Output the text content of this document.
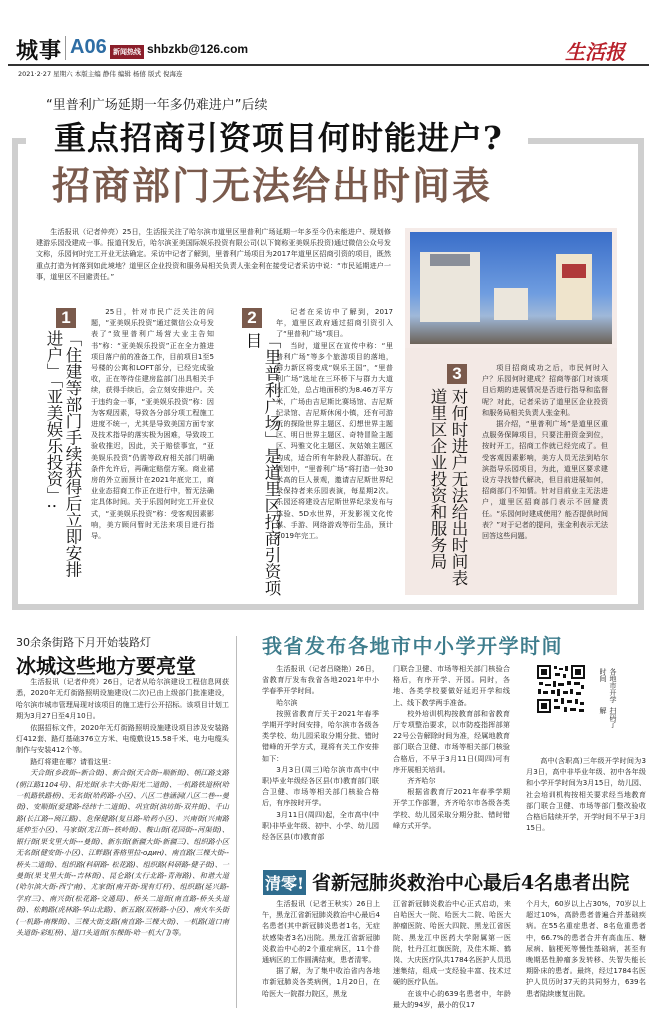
城事 A06 新闻热线 shbzkb@126.com	生活报
2021·2·27 星期六 本版主编 静伟 编辑 杨僖 版式 倪海连
“里普利广场延期一年多仍难进户”后续
重点招商引资项目何时能进户?
招商部门无法给出时间表

生活报讯（记者仲亮）25日，生活报关注了哈尔滨市道里区里普利广场延期一年多至今仍未能进户、规划修建游乐园没建成一事。报道刊发后，哈尔滨亚美国际娱乐投资有限公司(以下简称亚美娱乐投资)通过微信公众号发文称，乐园何时完工开业无法确定。采访中记者了解到，里普利广场项目为2017年道里区招商引资的项目，既然重点打造为何落到如此境地？道里区企业投资和服务局相关负责人张金利在接受记者采访中说：“市民延期进户一事，道里区不回避责任。”

1
「住建等部门手续获得后立即安排进户」「亚美娱乐投资」:

25日，针对市民广泛关注的问题，“亚美娱乐投资”通过微信公众号发表了“致里普利广场营大业主告知书”称：“亚美娱乐投资”正在全力推进项目落户前的准备工作，目前项目1至5号楼的公寓和LOFT部分，已经完成验收，正在等待住建房监部门出具相关手续，获得手续后，会立刻安排进户。关于违约金一事，“亚美娱乐投资”称：因为客观因素，导致各分部分项工程施工进度不统一，尤其是导致美国方面专家及技术指导的落实极为困难，导致竣工验收推迟，因此，关于赔偿事宜，“亚美娱乐投资”仍需等政府相关部门明确条件允许后，再确定赔偿方案。商业裙房的外立面预计在2021年底完工，商业业态招商工作正在进行中，暂无法确定具体时间。关于乐园何时完工开业仪式，“亚美娱乐投资”称：受客观因素影响，美方顾问暂时无法来项目进行指导。

2
「里普利广场」是道里区招商引资项目

记者在采访中了解到，2017年，道里区政府通过招商引资引入了“里普利广场”项目。

当时，道里区在宣传中称：“里普利广场”等多个旅游项目的落地，群力新区将变成“娱乐王国”，“里普利广场”选址在三环桥下与群力大道交汇处，总占地面积约为8.46万平方米，广场由吉尼斯比赛场馆、吉尼斯纪录馆、吉尼斯休闲小镇，还有可游玩的探险世界主题区、幻想世界主题区、明日世界主题区、奇特冒险主题区、玛雅文化主题区、灰姑娘主题区构成，适合所有年龄段人群游玩。在规划中，“里普利广场”将打造一处30米高的巨人景观，邀请吉尼斯世界纪录保持者来乐园表演，每星期2次。乐园还将建设吉尼斯世界纪录发布与体验、5D水世界，开发影视文化传媒、手游、网络游戏等衍生品，预计2019年完工。

3
对何时进户无法给出时间表
道里区企业投资和服务局

项目招商成功之后，市民何时入户？乐园何时建成？招商等部门对该项目后期的进展情况是否进行指导和监督呢？对此，记者采访了道里区企业投资和服务局相关负责人张金利。

据介绍，“里普利广场”是道里区重点服务保障项目，只要注册资金到位，按时开工，招商工作就已经完成了。但受客观因素影响，美方人员无法到哈尔滨指导乐园项目，为此，道里区要求建设方寻找替代解决，但目前进展如何，招商部门不知情。针对目前业主无法进户，道里区招商部门表示不回避责任。“乐园何时建成使用？能否提供时间表？”对于记者的提问，张金利表示无法回答这些问题。

30余条街路下月开始装路灯
冰城这些地方要亮堂

生活报讯（记者仲亮）26日，记者从哈尔滨建设工程信息网获悉，2020年无灯街路照明设施建设(二次)已由上级部门批准建设，哈尔滨市城市管理局现对该项目的施工进行公开招标。该项目计划工期为3月27日至4月10日。

依据招标文件，2020年无灯街路照明设施建设项目涉及安装路灯412套、路灯基础376立方米、电缆敷设15.58千米、电力电缆头制作与安装412个等。

路灯将建在哪？请看这里：

天合街(乡政街--新合街)、新合街(天合街--顺新街)、朝江路支路(朝江路1104号)、阳光街(永丰大街-阳光二道街)、一机路铁道桥(哈一机路铁路桥)、无名街(哈药路-小区)、八区二巷涵洞(八区二巷---曼街)、安顺街(爱建路-经纬十二道街)、巩宜街(油坊街-双井街)、千山路(长江路--闽江路)、危保健路(复旦路-哈药小区)、兴南街(兴南路延伸至小区)、马家街(龙江街--铁岭街)、鞍山街(花园街--河渠街)、银行街(果戈里大街---曼街)、新东街(新疆大街-新疆三)、组织路小区无名街(健安街-小区)、江畔路(香格里拉-один)、南直路(三棵大街--桥头二道街)、组织路(科研路- 松花路)、组织路(科研路-健子街)、一曼街(果戈里大街--吉林街)、昆仑路(太行北路-青海路)、和谐大道(哈尔滨大街-西宁南)、尤家街(南开街-现有灯杆)、组织路(延兴路-学府三)、南兴街(松花路-交通局)、桥头二道街(南直路-桥头头道街)、松鹤路(虎林路-华山北路)、新五路(双桥路-小区)、南火车头街(一机路-南棵街)、三棵大街支路(南直路-三棵大街)、一机路(道口南头道街-彩虹桥)、道口头道街(东棵街-哈一机大门)等。

我省发布各地市中小学开学时间

生活报讯（记者吕晓艳）26日，省教育厅发布我省各地2021年中小学春季开学时间。

哈尔滨

按照省教育厅关于2021年春季学期开学时间安排，哈尔滨市各级各类学校、幼儿园采取分期分批、错时错峰的开学方式，现将有关工作安排如下：

3月3日(周三)哈尔滨市高中(中职)毕业年级经各区县(市)教育部门联合卫健、市场等相关部门核验合格后，有序按时开学。

3月11日(周四)起，全市高中(中职)非毕业年级、初中、小学、幼儿园经各区县(市)教育部

门联合卫健、市场等相关部门核验合格后，有序开学、开园。同时，各地、各类学校要做好延迟开学和线上、线下教学两手准备。

校外培训机构按教育部和省教育厅专项整治要求，以市防疫指挥部第22号公告解除时间为准，经属地教育部门联合卫健、市场等相关部门核验合格后，不早于3月11日(周四)可有序开展相关培训。

齐齐哈尔

根据省教育厅2021年春季学期开学工作部署，齐齐哈尔市各级各类学校、幼儿园采取分期分批、错时错峰方式开学。

各地市开学时间
扫码了解

高中(含职高)三年级开学时间为3月3日，高中非毕业年级、初中各年级和小学开学时间为3月15日，幼儿园、社会培训机构按相关要求经当地教育部门联合卫健、市场等部门整改验收合格后陆续开学，开学时间不早于3月15日。

清零! 省新冠肺炎救治中心最后4名患者出院

生活报讯（记者王秋实）26日上午，黑龙江省新冠肺炎救治中心最后4名患者(其中新冠肺炎患者1名，无症状感染者3名)出院。黑龙江省新冠肺炎救治中心的2个重症病区，11个普通病区的工作圆满结束，患者清零。

据了解，为了集中收治省内各地市新冠肺炎各类病例，1月20日，在哈医大一院群力院区，黑龙

江省新冠肺炎救治中心正式启动，来自哈医大一院、哈医大二院、哈医大肿瘤医院、哈医大四院、黑龙江省医院、黑龙江中医药大学附属第一医院，牡丹江红旗医院，及佳木斯、鹤岗、大庆医疗队共1784名医护人员迅速集结，组成一支经验丰富、技术过硬的医疗队伍。

在该中心的639名患者中，年龄最大的94岁，最小的仅17

个月大，60岁以上占30%，70岁以上超过10%，高龄患者普遍合并基础疾病。在55名重症患者、8名危重患者中，66.7%的患者合并有高血压、糖尿病、脑梗死等慢性基础病，甚至有晚期恶性肿瘤多发转移、失智失能长期卧床的患者。最终，经过1784名医护人员历时37天的共同努力，639名患者陆续康复出院。
